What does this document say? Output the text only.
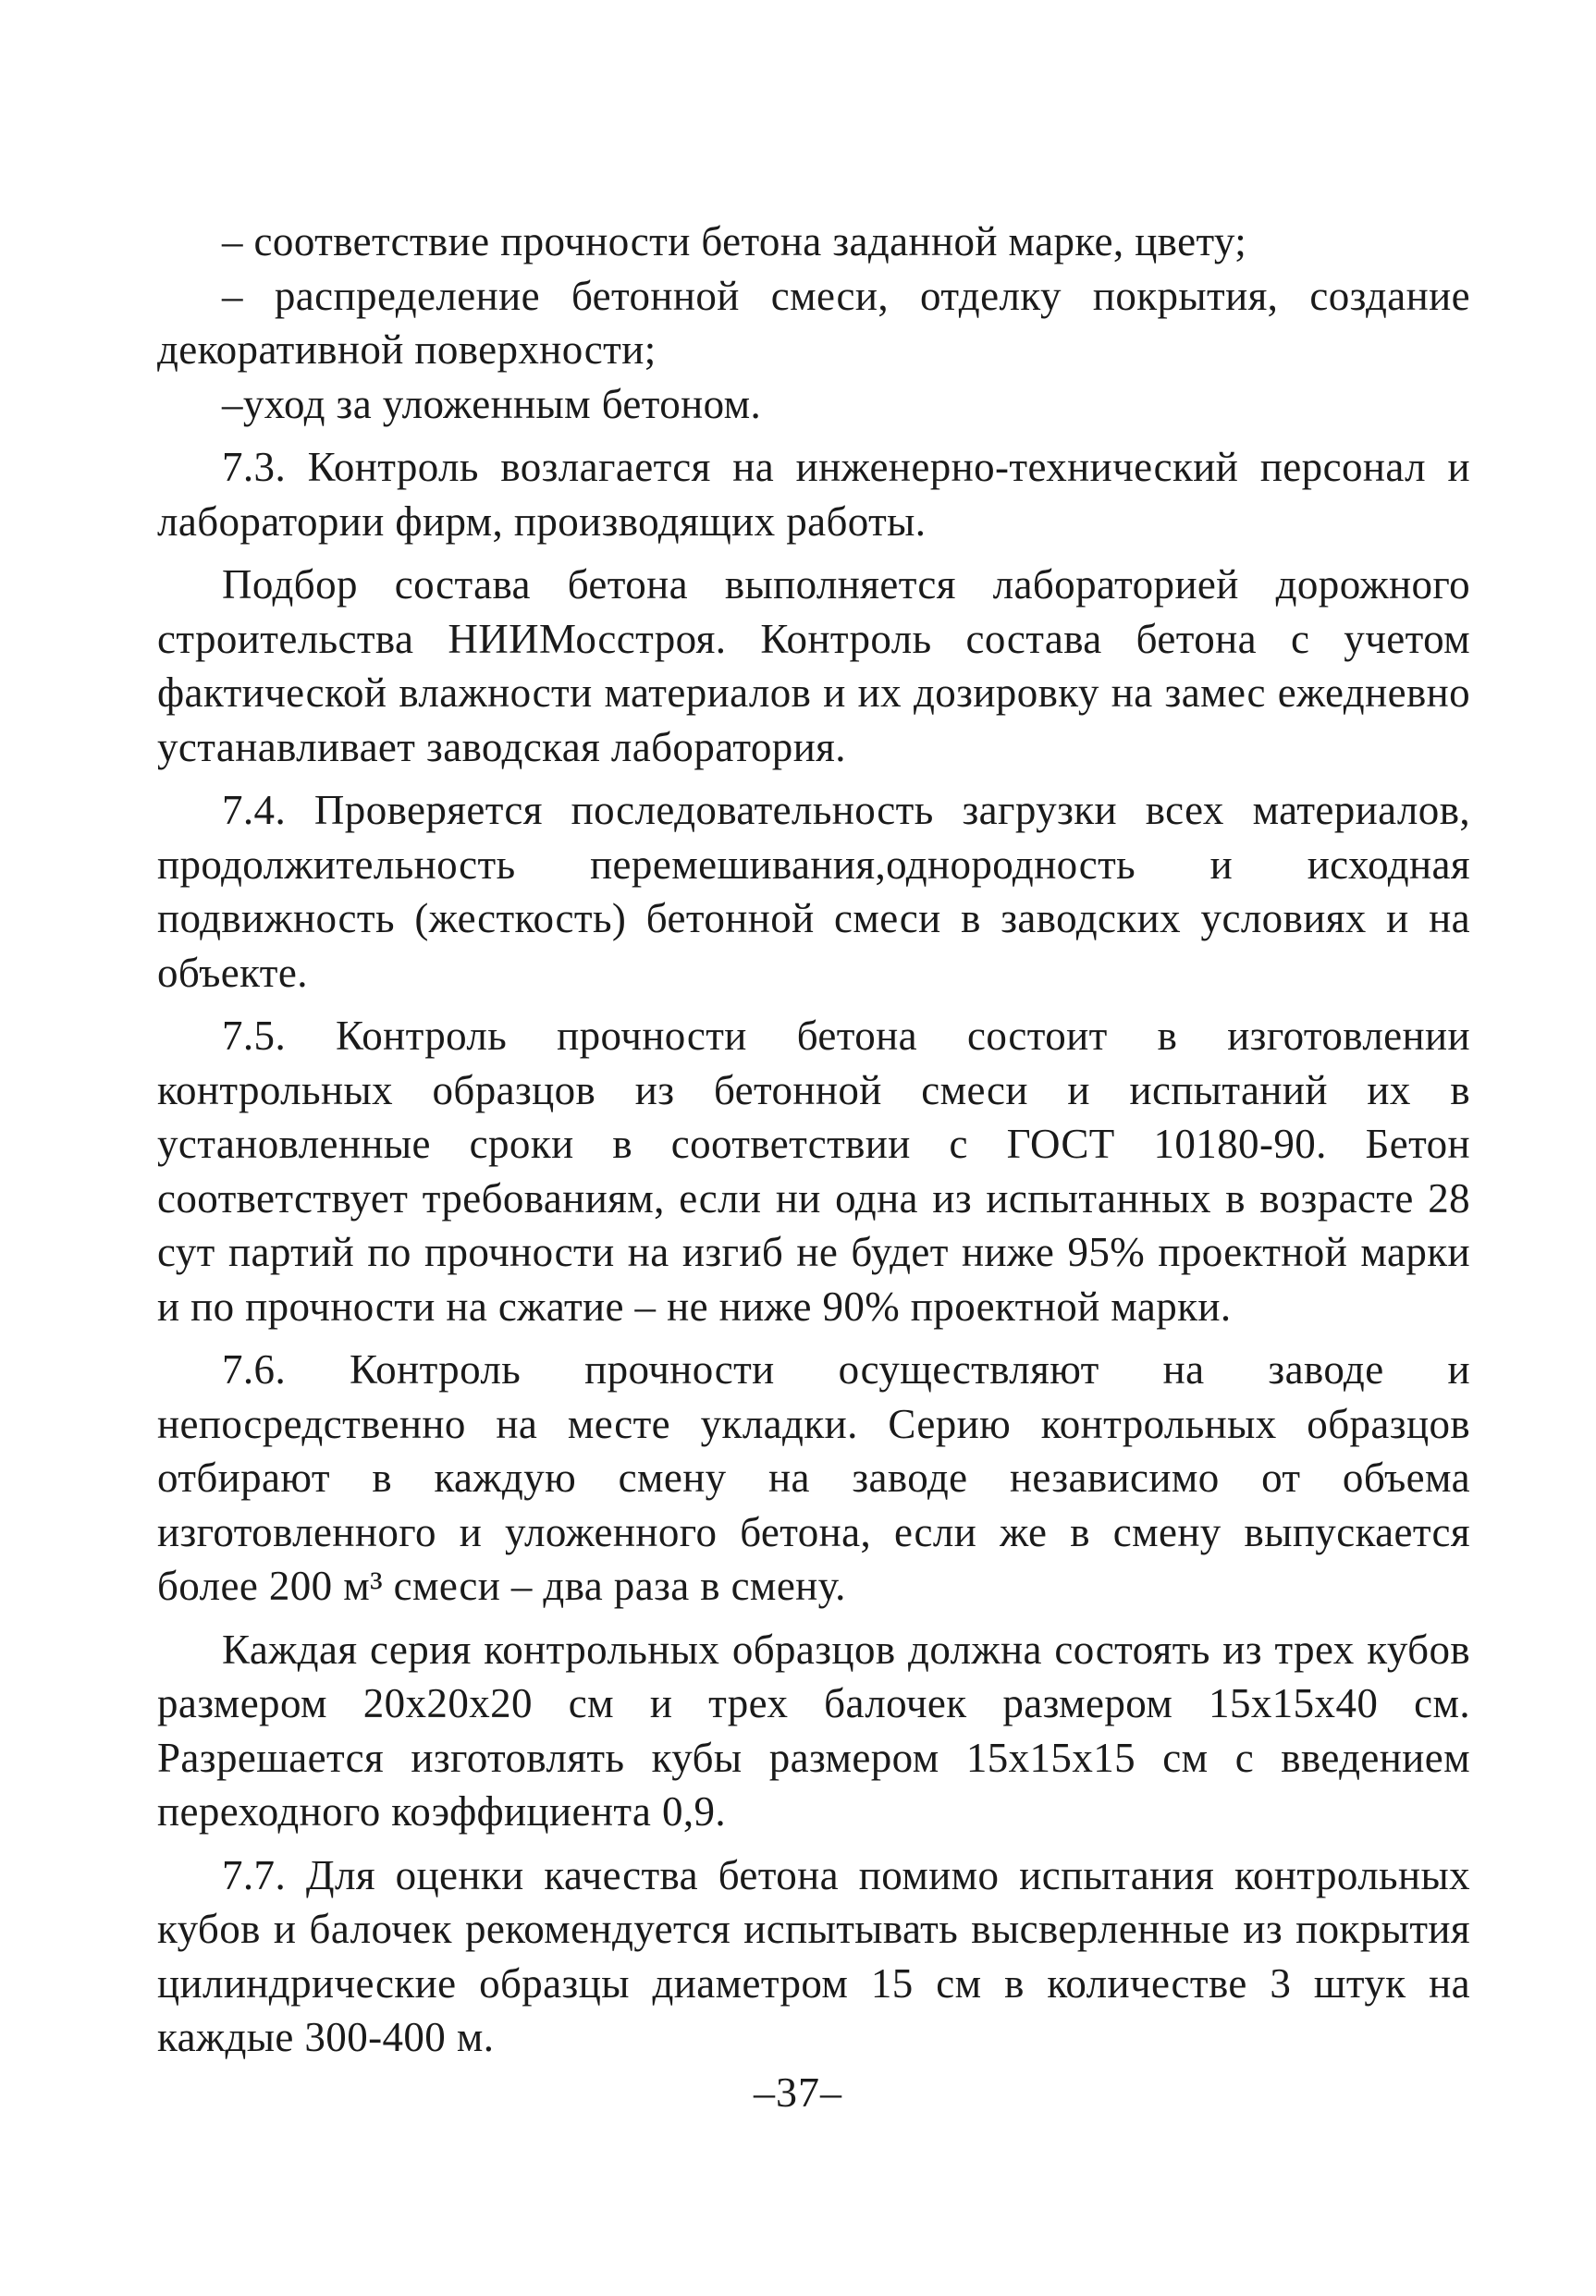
– соответствие прочности бетона заданной марке, цвету;

– распределение бетонной смеси, отделку покрытия, создание декоративной поверхности;

–уход за уложенным бетоном.

7.3. Контроль возлагается на инженерно-технический персонал и лаборатории фирм, производящих работы.

Подбор состава бетона выполняется лабораторией дорожного строительства НИИМосстроя. Контроль состава бетона с учетом фактической влажности материалов и их дозировку на замес ежедневно устанавливает заводская лаборатория.

7.4. Проверяется последовательность загрузки всех материалов, продолжительность перемешивания,однородность и исходная подвижность (жесткость) бетонной смеси в заводских условиях и на объекте.

7.5. Контроль прочности бетона состоит в изготовлении контрольных образцов из бетонной смеси и испытаний их в установленные сроки в соответствии с ГОСТ 10180-90. Бетон соответствует требованиям, если ни одна из испытанных в возрасте 28 сут партий по прочности на изгиб не будет ниже 95% проектной марки и по прочности на сжатие – не ниже 90% проектной марки.

7.6. Контроль прочности осуществляют на заводе и непосредственно на месте укладки. Серию контрольных образцов отбирают в каждую смену на заводе независимо от объема изготовленного и уложенного бетона, если же в смену выпускается более 200 м³ смеси – два раза в смену.

Каждая серия контрольных образцов должна состоять из трех кубов размером 20х20х20 см и трех балочек размером 15х15х40 см. Разрешается изготовлять кубы размером 15х15х15 см с введением переходного коэффициента 0,9.

7.7. Для оценки качества бетона помимо испытания контрольных кубов и балочек рекомендуется испытывать высверленные из покрытия цилиндрические образцы диаметром 15 см в количестве 3 штук на каждые 300-400 м.

–37–
